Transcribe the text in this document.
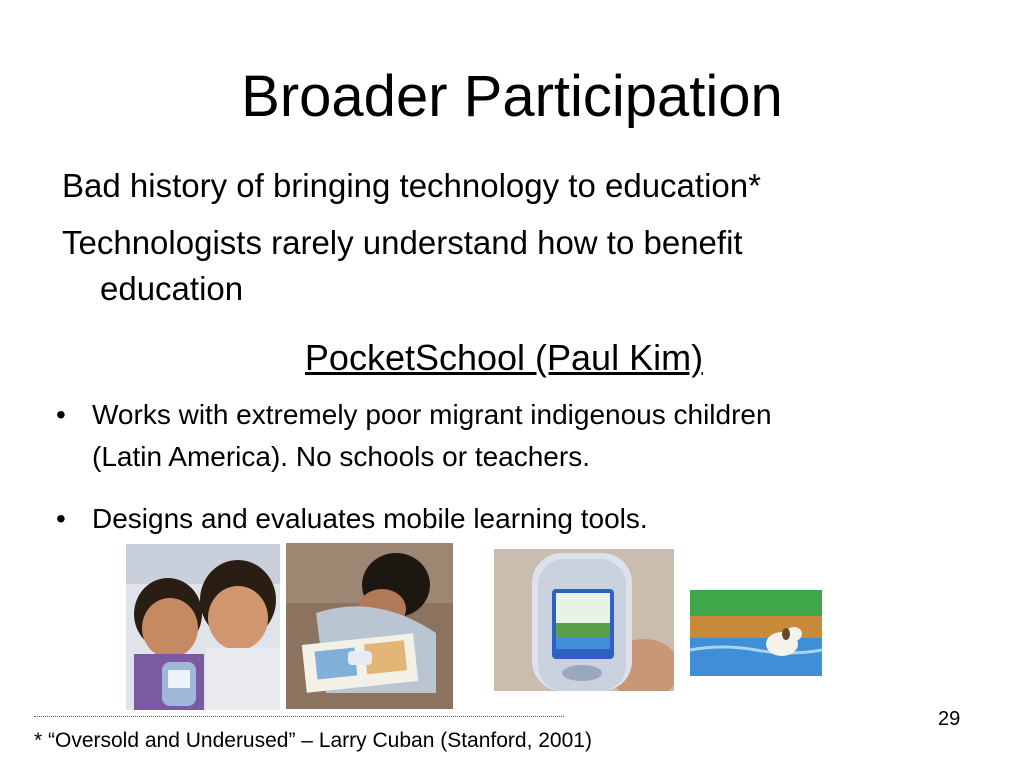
Broader Participation
Bad history of bringing technology to education*
Technologists rarely understand how to benefit
education
PocketSchool (Paul Kim)
• Works with extremely poor migrant indigenous children
(Latin America). No schools or teachers.
• Designs and evaluates mobile learning tools.
* “Oversold and Underused” – Larry Cuban (Stanford, 2001)
29
